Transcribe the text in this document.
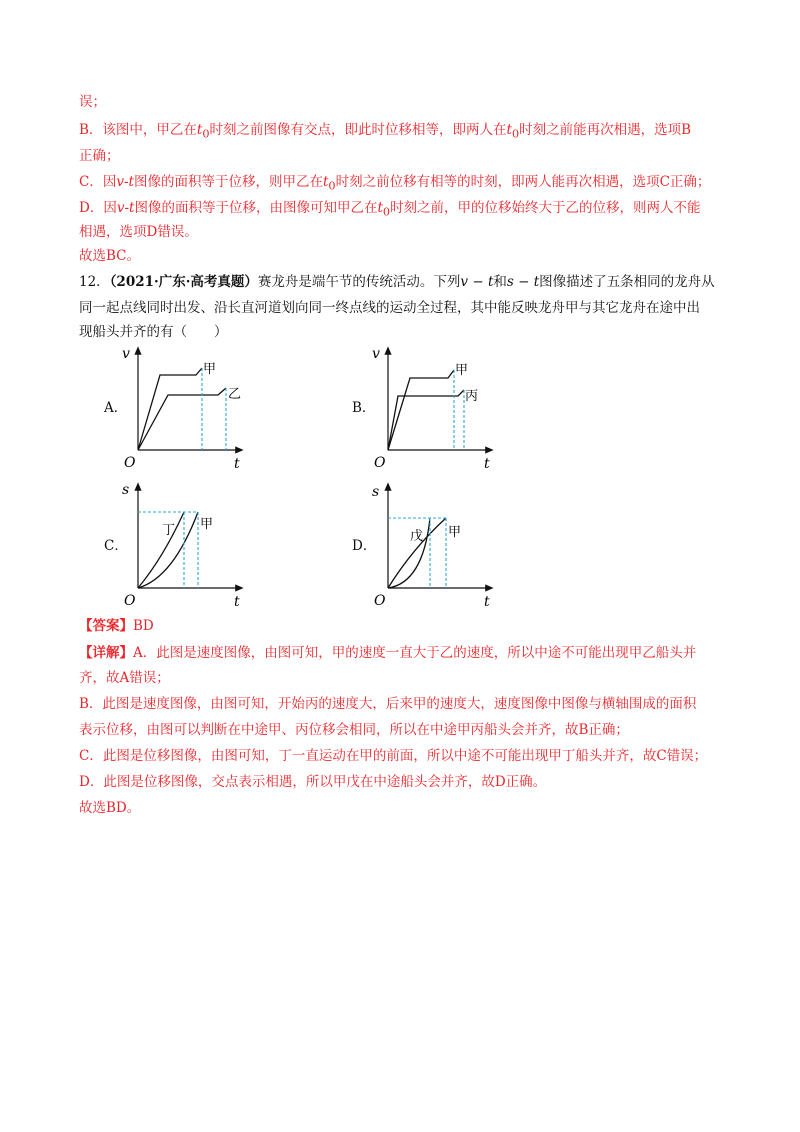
误；
B．该图中，甲乙在$t_0$时刻之前图像有交点，即此时位移相等，即两人在$t_0$时刻之前能再次相遇，选项B
正确；
C．因v-t图像的面积等于位移，则甲乙在$t_0$时刻之前位移有相等的时刻，即两人能再次相遇，选项C正确；
D．因v-t图像的面积等于位移，由图像可知甲乙在$t_0$时刻之前，甲的位移始终大于乙的位移，则两人不能
相遇，选项D错误。
故选BC。
12．（2021·广东·高考真题）赛龙舟是端午节的传统活动。下列v − t和s − t图像描述了五条相同的龙舟从
同一起点线同时出发、沿长直河道划向同一终点线的运动全过程，其中能反映龙舟甲与其它龙舟在途中出
现船头并齐的有（　　）
A．
v
t
O
甲
乙
B．
v
t
O
甲
丙
C．
s
t
O
丁 甲
D．
s
t
O
戊 甲
【答案】BD
【详解】A．此图是速度图像，由图可知，甲的速度一直大于乙的速度，所以中途不可能出现甲乙船头并
齐，故A错误；
B．此图是速度图像，由图可知，开始丙的速度大，后来甲的速度大，速度图像中图像与横轴围成的面积
表示位移，由图可以判断在中途甲、丙位移会相同，所以在中途甲丙船头会并齐，故B正确；
C．此图是位移图像，由图可知，丁一直运动在甲的前面，所以中途不可能出现甲丁船头并齐，故C错误；
D．此图是位移图像，交点表示相遇，所以甲戊在中途船头会并齐，故D正确。
故选BD。
